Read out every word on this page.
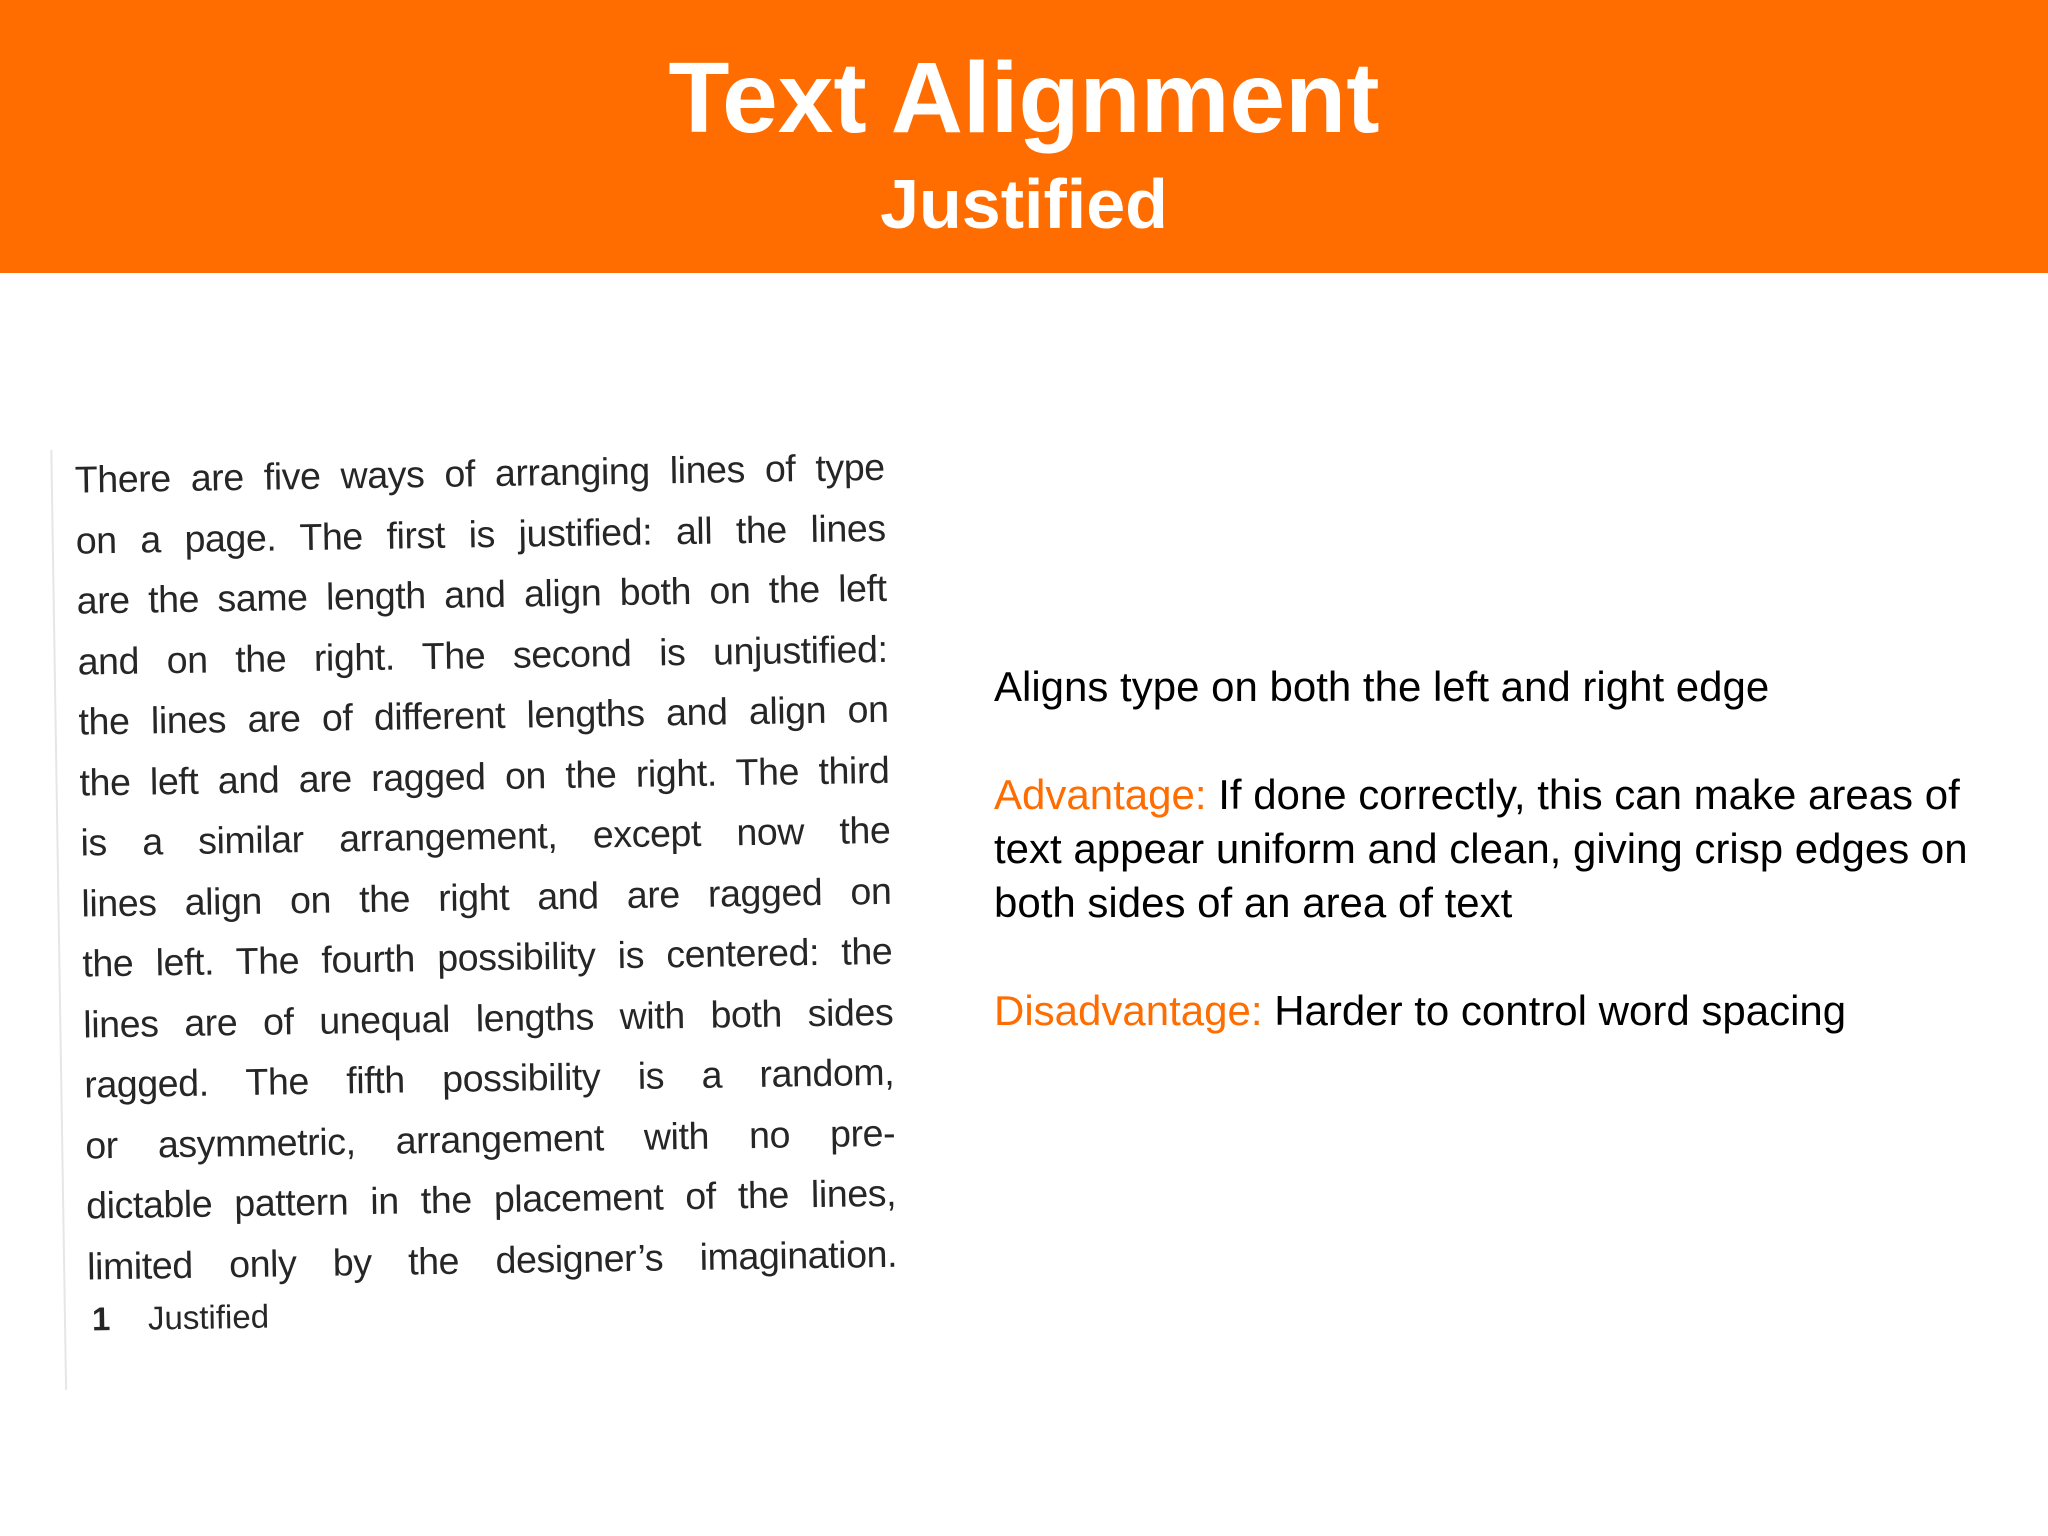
Text Alignment
Justified
There are five ways of arranging lines of type
on a page. The first is justified: all the lines
are the same length and align both on the left
and on the right. The second is unjustified:
the lines are of different lengths and align on
the left and are ragged on the right. The third
is a similar arrangement, except now the
lines align on the right and are ragged on
the left. The fourth possibility is centered: the
lines are of unequal lengths with both sides
ragged. The fifth possibility is a random,
or asymmetric, arrangement with no pre-
dictable pattern in the placement of the lines,
limited only by the designer’s imagination.
1 Justified

Aligns type on both the left and right edge

Advantage: If done correctly, this can make areas of text appear uniform and clean, giving crisp edges on both sides of an area of text

Disadvantage: Harder to control word spacing
